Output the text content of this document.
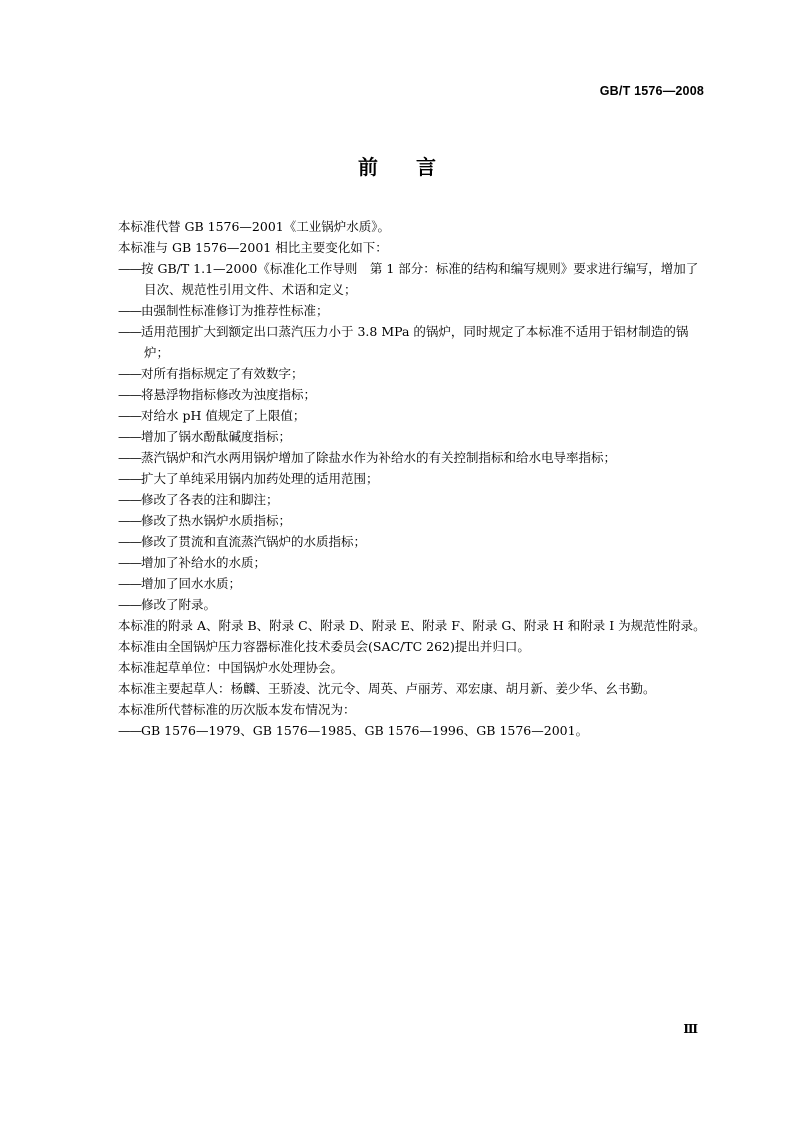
GB/T 1576—2008
前言

本标准代替 GB 1576—2001《工业锅炉水质》。

本标准与 GB 1576—2001 相比主要变化如下：

——按 GB/T 1.1—2000《标准化工作导则　第 1 部分：标准的结构和编写规则》要求进行编写，增加了目次、规范性引用文件、术语和定义；

——由强制性标准修订为推荐性标准；

——适用范围扩大到额定出口蒸汽压力小于 3.8 MPa 的锅炉，同时规定了本标准不适用于铝材制造的锅炉；

——对所有指标规定了有效数字；

——将悬浮物指标修改为浊度指标；

——对给水 pH 值规定了上限值；

——增加了锅水酚酞碱度指标；

——蒸汽锅炉和汽水两用锅炉增加了除盐水作为补给水的有关控制指标和给水电导率指标；

——扩大了单纯采用锅内加药处理的适用范围；

——修改了各表的注和脚注；

——修改了热水锅炉水质指标；

——修改了贯流和直流蒸汽锅炉的水质指标；

——增加了补给水的水质；

——增加了回水水质；

——修改了附录。

本标准的附录 A、附录 B、附录 C、附录 D、附录 E、附录 F、附录 G、附录 H 和附录 I 为规范性附录。

本标准由全国锅炉压力容器标准化技术委员会(SAC/TC 262)提出并归口。

本标准起草单位：中国锅炉水处理协会。

本标准主要起草人：杨麟、王骄凌、沈元令、周英、卢丽芳、邓宏康、胡月新、姜少华、幺书勤。

本标准所代替标准的历次版本发布情况为：

——GB 1576—1979、GB 1576—1985、GB 1576—1996、GB 1576—2001。

Ⅲ
